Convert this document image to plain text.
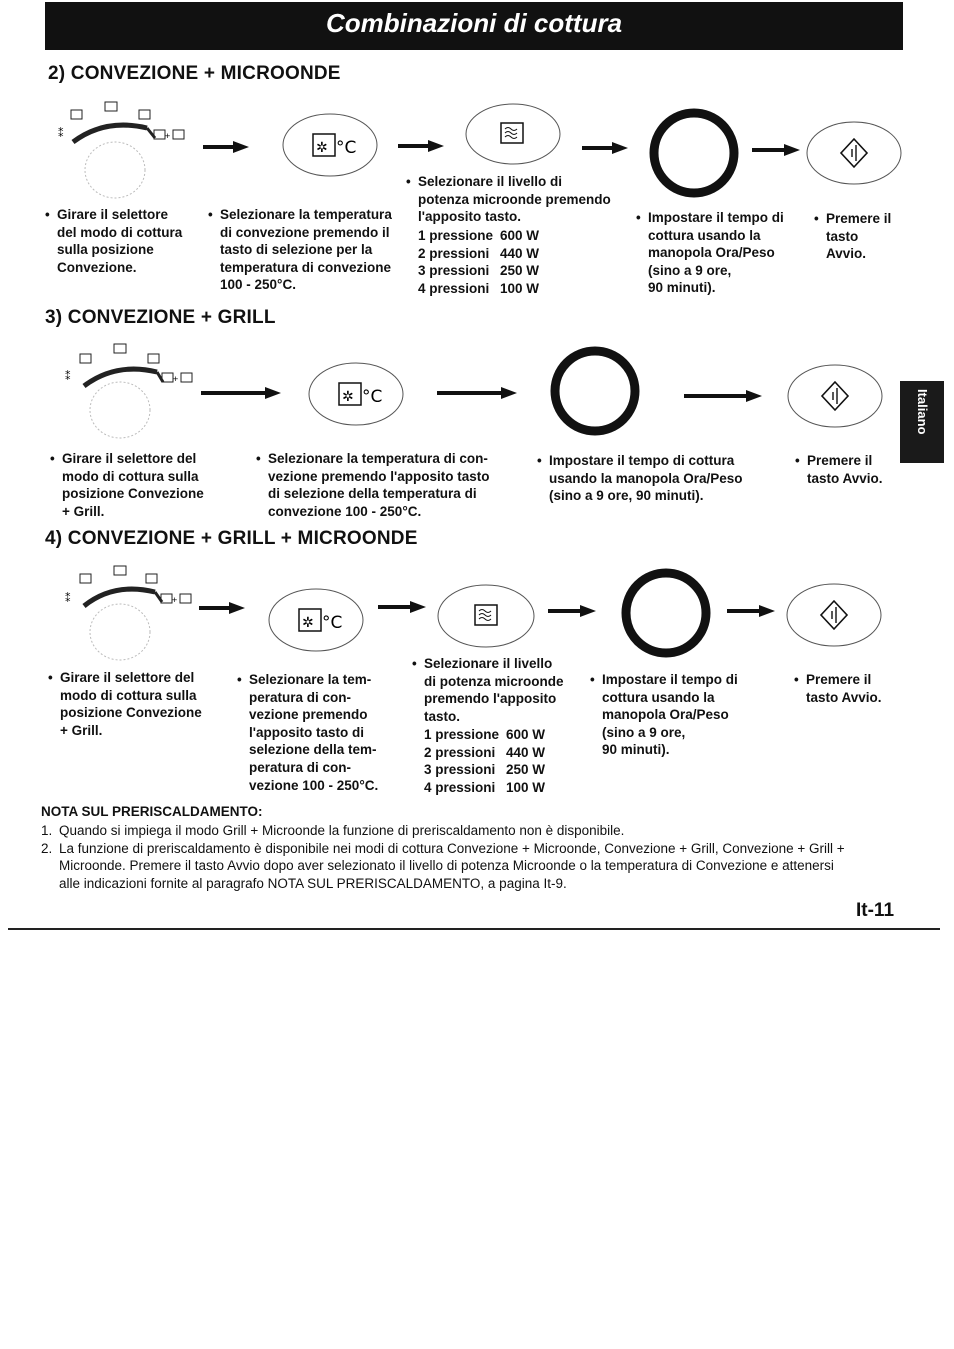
Combinazioni di cottura
Italiano
2) CONVEZIONE + MICROONDE
⁑	+
✲ °C
• Girare il selettore
del modo di cottura
sulla posizione
Convezione.
• Selezionare la temperatura
di convezione premendo il
tasto di selezione per la
temperatura di convezione
100 - 250°C.
• Selezionare il livello di
potenza microonde premendo
l'apposito tasto.
1 pressione 600 W
2 pressioni 440 W
3 pressioni 250 W
4 pressioni 100 W
• Impostare il tempo di
cottura usando la
manopola Ora/Peso
(sino a 9 ore,
90 minuti).
• Premere il
tasto
Avvio.
3) CONVEZIONE + GRILL
⁑	+
✲ °C
• Girare il selettore del
modo di cottura sulla
posizione Convezione
+ Grill.
• Selezionare la temperatura di con-
vezione premendo l'apposito tasto
di selezione della temperatura di
convezione 100 - 250°C.
• Impostare il tempo di cottura
usando la manopola Ora/Peso
(sino a 9 ore, 90 minuti).
• Premere il
tasto Avvio.
4) CONVEZIONE + GRILL + MICROONDE
⁑	+
✲ °C
• Girare il selettore del
modo di cottura sulla
posizione Convezione
+ Grill.
• Selezionare la tem-
peratura di con-
vezione premendo
l'apposito tasto di
selezione della tem-
peratura di con-
vezione 100 - 250°C.
• Selezionare il livello
di potenza microonde
premendo l'apposito
tasto.
1 pressione 600 W
2 pressioni 440 W
3 pressioni 250 W
4 pressioni 100 W
• Impostare il tempo di
cottura usando la
manopola Ora/Peso
(sino a 9 ore,
90 minuti).
• Premere il
tasto Avvio.
NOTA SUL PRERISCALDAMENTO:
1. Quando si impiega il modo Grill + Microonde la funzione di preriscaldamento non è disponibile.
2. La funzione di preriscaldamento è disponibile nei modi di cottura Convezione + Microonde, Convezione + Grill, Convezione + Grill +
Microonde. Premere il tasto Avvio dopo aver selezionato il livello di potenza Microonde o la temperatura di Convezione e attenersi
alle indicazioni fornite al paragrafo NOTA SUL PRERISCALDAMENTO, a pagina It-9.
It-11
